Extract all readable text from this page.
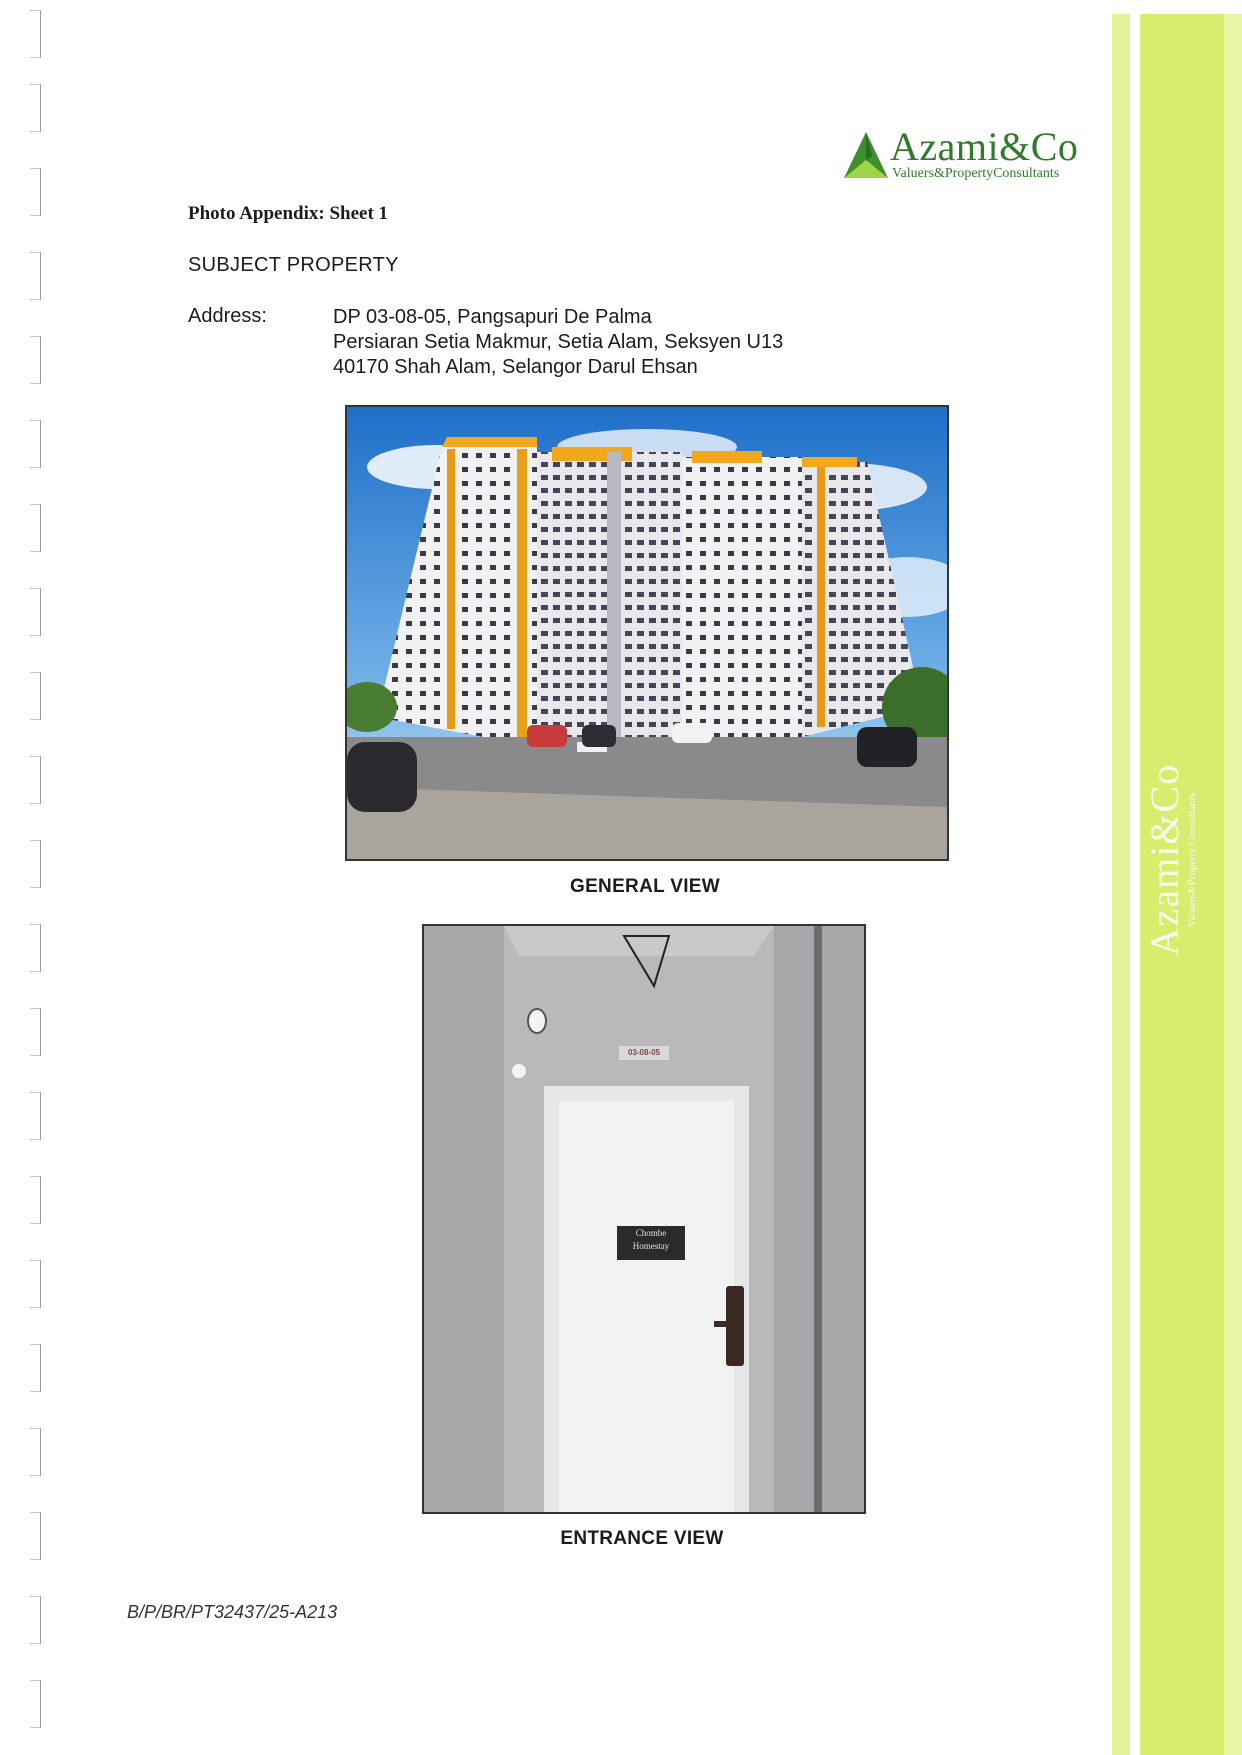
Azami&Co Valuers&Property Consultants
Azami&Co
Valuers&PropertyConsultants
Photo Appendix: Sheet 1
SUBJECT PROPERTY
Address:	DP 03-08-05, Pangsapuri De Palma
Persiaran Setia Makmur, Setia Alam, Seksyen U13
40170 Shah Alam, Selangor Darul Ehsan
GENERAL VIEW
03-08-05
Chombe
Homestay
ENTRANCE VIEW
B/P/BR/PT32437/25-A213
